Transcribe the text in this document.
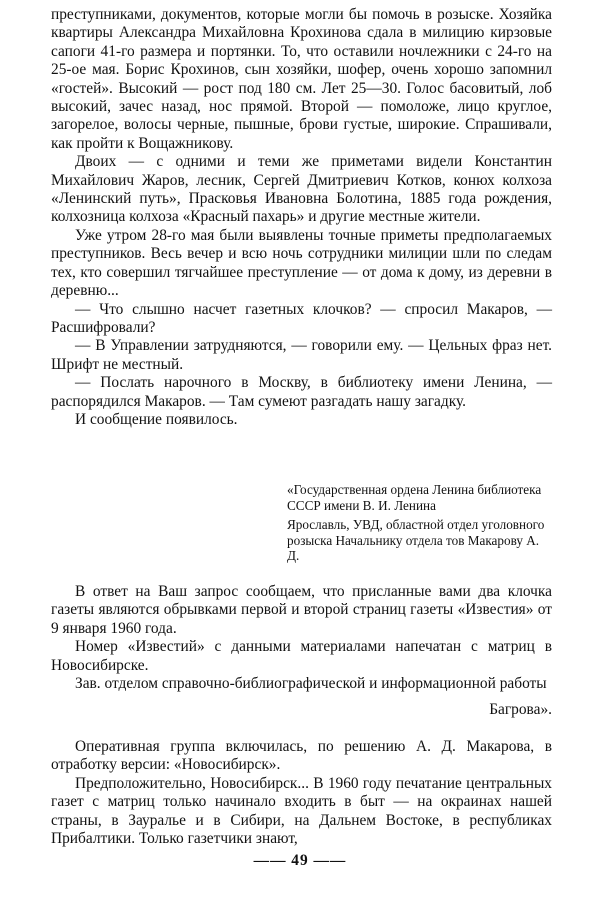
преступниками, документов, которые могли бы помочь в розыске. Хозяйка квартиры Александра Михайловна Крохинова сдала в милицию кирзовые сапоги 41-го размера и портянки. То, что оставили ночлежники с 24-го на 25-ое мая. Борис Крохинов, сын хозяйки, шофер, очень хорошо запомнил «гостей». Высокий — рост под 180 см. Лет 25—30. Голос басовитый, лоб высокий, зачес назад, нос прямой. Второй — помоложе, лицо круглое, загорелое, волосы черные, пышные, брови густые, широкие. Спрашивали, как пройти к Вощажникову.

Двоих — с одними и теми же приметами видели Константин Михайлович Жаров, лесник, Сергей Дмитриевич Котков, конюх колхоза «Ленинский путь», Прасковья Ивановна Болотина, 1885 года рождения, колхозница колхоза «Красный пахарь» и другие местные жители.

Уже утром 28-го мая были выявлены точные приметы предполагаемых преступников. Весь вечер и всю ночь сотрудники милиции шли по следам тех, кто совершил тягчайшее преступление — от дома к дому, из деревни в деревню...

— Что слышно насчет газетных клочков? — спросил Макаров, — Расшифровали?

— В Управлении затрудняются, — говорили ему. — Цельных фраз нет. Шрифт не местный.

— Послать нарочного в Москву, в библиотеку имени Ленина, — распорядился Макаров. — Там сумеют разгадать нашу загадку.

И сообщение появилось.

«Государственная ордена Ленина библиотека СССР имени В. И. Ленина

Ярославль, УВД, областной отдел уголовного розыска Начальнику отдела тов Макарову А. Д.

В ответ на Ваш запрос сообщаем, что присланные вами два клочка газеты являются обрывками первой и второй страниц газеты «Известия» от 9 января 1960 года.

Номер «Известий» с данными материалами напечатан с матриц в Новосибирске.

Зав. отделом справочно-библиографической и информационной работы

Багрова».

Оперативная группа включилась, по решению А. Д. Макарова, в отработку версии: «Новосибирск».

Предположительно, Новосибирск... В 1960 году печатание центральных газет с матриц только начинало входить в быт — на окраинах нашей страны, в Зауралье и в Сибири, на Дальнем Востоке, в республиках Прибалтики. Только газетчики знают,

—— 49 ——
